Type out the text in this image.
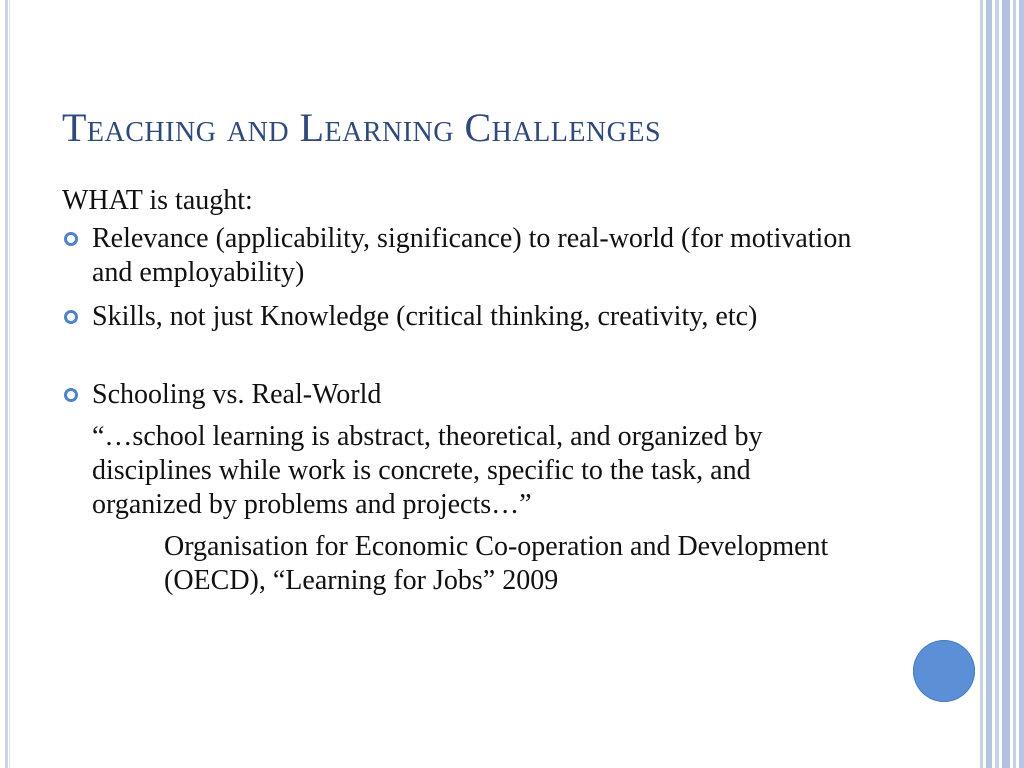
Teaching and Learning Challenges
WHAT is taught:
Relevance (applicability, significance) to real-world (for motivation and employability)
Skills, not just Knowledge (critical thinking, creativity, etc)
Schooling vs. Real-World
“…school learning is abstract, theoretical, and organized by disciplines while work is concrete, specific to the task, and organized by problems and projects…”
Organisation for Economic Co-operation and Development (OECD), “Learning for Jobs” 2009
